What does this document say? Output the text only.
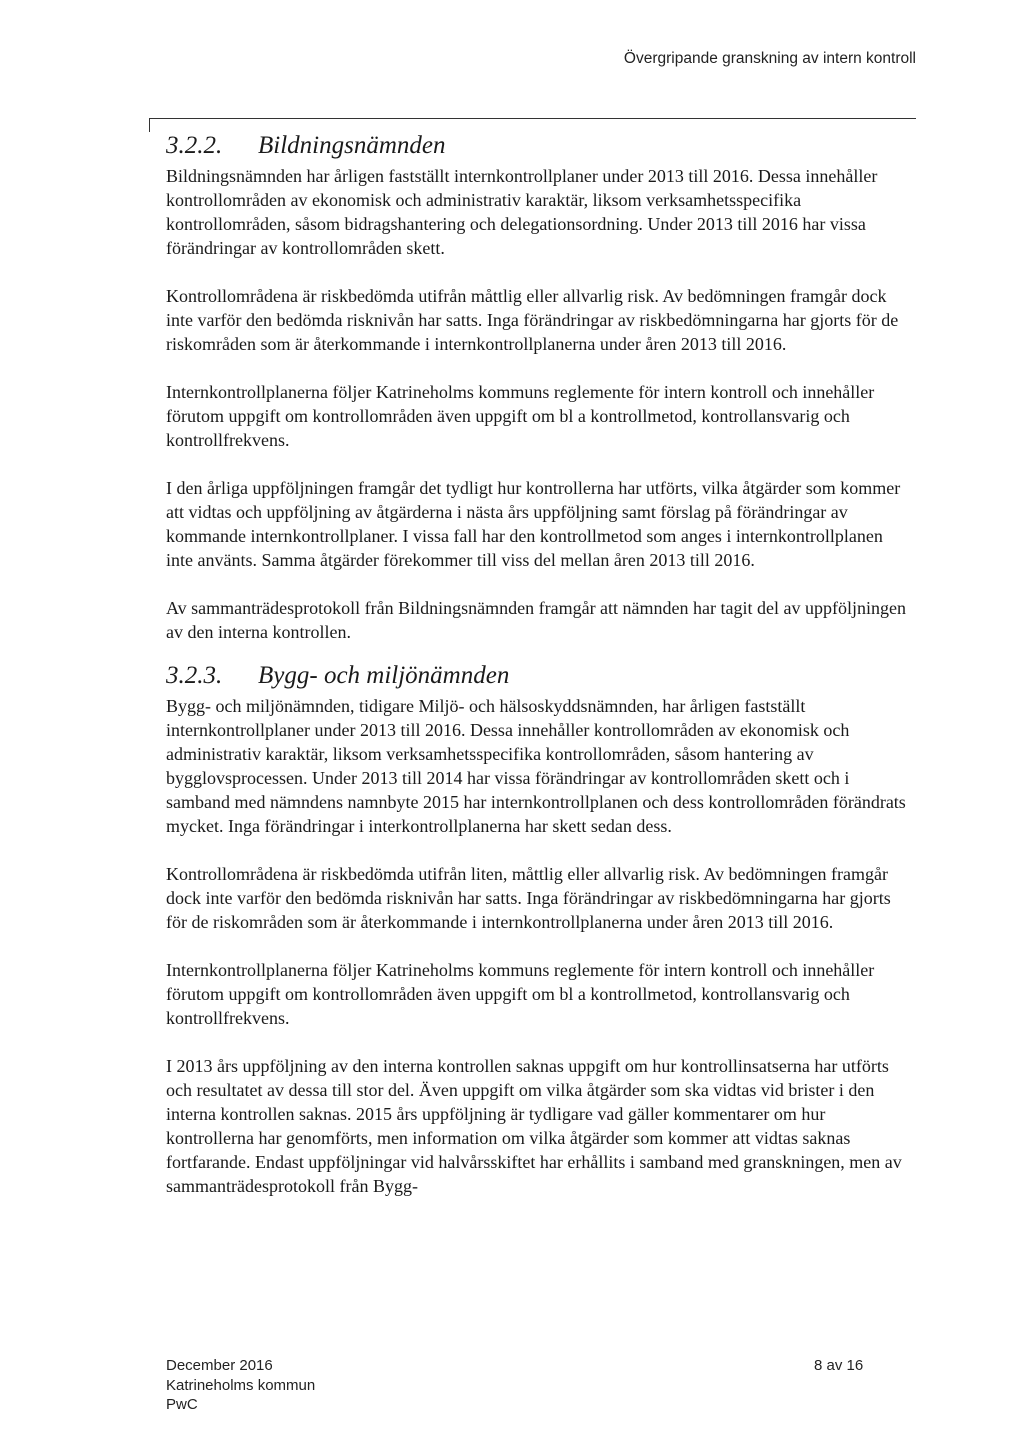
Övergripande granskning av intern kontroll
3.2.2. Bildningsnämnden

Bildningsnämnden har årligen fastställt internkontrollplaner under 2013 till 2016. Dessa innehåller kontrollområden av ekonomisk och administrativ karaktär, liksom verksamhetsspecifika kontrollområden, såsom bidragshantering och delegationsordning. Under 2013 till 2016 har vissa förändringar av kontrollområden skett.

Kontrollområdena är riskbedömda utifrån måttlig eller allvarlig risk. Av bedömningen framgår dock inte varför den bedömda risknivån har satts. Inga förändringar av riskbedömningarna har gjorts för de riskområden som är återkommande i internkontrollplanerna under åren 2013 till 2016.

Internkontrollplanerna följer Katrineholms kommuns reglemente för intern kontroll och innehåller förutom uppgift om kontrollområden även uppgift om bl a kontrollmetod, kontrollansvarig och kontrollfrekvens.

I den årliga uppföljningen framgår det tydligt hur kontrollerna har utförts, vilka åtgärder som kommer att vidtas och uppföljning av åtgärderna i nästa års uppföljning samt förslag på förändringar av kommande internkontrollplaner. I vissa fall har den kontrollmetod som anges i internkontrollplanen inte använts. Samma åtgärder förekommer till viss del mellan åren 2013 till 2016.

Av sammanträdesprotokoll från Bildningsnämnden framgår att nämnden har tagit del av uppföljningen av den interna kontrollen.

3.2.3. Bygg- och miljönämnden

Bygg- och miljönämnden, tidigare Miljö- och hälsoskyddsnämnden, har årligen fastställt internkontrollplaner under 2013 till 2016. Dessa innehåller kontrollområden av ekonomisk och administrativ karaktär, liksom verksamhetsspecifika kontrollområden, såsom hantering av bygglovsprocessen. Under 2013 till 2014 har vissa förändringar av kontrollområden skett och i samband med nämndens namnbyte 2015 har internkontrollplanen och dess kontrollområden förändrats mycket. Inga förändringar i interkontrollplanerna har skett sedan dess.

Kontrollområdena är riskbedömda utifrån liten, måttlig eller allvarlig risk. Av bedömningen framgår dock inte varför den bedömda risknivån har satts. Inga förändringar av riskbedömningarna har gjorts för de riskområden som är återkommande i internkontrollplanerna under åren 2013 till 2016.

Internkontrollplanerna följer Katrineholms kommuns reglemente för intern kontroll och innehåller förutom uppgift om kontrollområden även uppgift om bl a kontrollmetod, kontrollansvarig och kontrollfrekvens.

I 2013 års uppföljning av den interna kontrollen saknas uppgift om hur kontrollinsatserna har utförts och resultatet av dessa till stor del. Även uppgift om vilka åtgärder som ska vidtas vid brister i den interna kontrollen saknas. 2015 års uppföljning är tydligare vad gäller kommentarer om hur kontrollerna har genomförts, men information om vilka åtgärder som kommer att vidtas saknas fortfarande. Endast uppföljningar vid halvårsskiftet har erhållits i samband med granskningen, men av sammanträdesprotokoll från Bygg-

December 2016
Katrineholms kommun
PwC
8 av 16
